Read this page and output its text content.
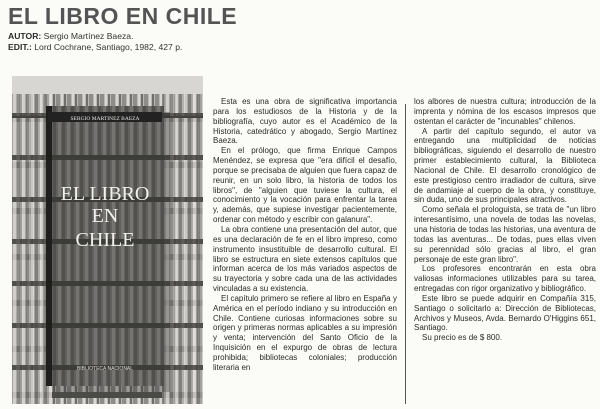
EL LIBRO EN CHILE
AUTOR: Sergio Martínez Baeza.
EDIT.: Lord Cochrane, Santiago, 1982, 427 p.
SERGIO MARTINEZ BAEZA
EL LIBRO
EN
CHILE
BIBLIOTECA NACIONAL

Esta es una obra de significativa importancia para los estudiosos de la Historia y de la bibliografía, cuyo autor es el Académico de la Historia, catedrático y abogado, Sergio Martínez Baeza.

En el prólogo, que firma Enrique Campos Menéndez, se expresa que "era difícil el desafío, porque se precisaba de alguien que fuera capaz de reunir, en un solo libro, la historia de todos los libros", de "alguien que tuviese la cultura, el conocimiento y la vocación para enfrentar la tarea y, además, que supiese investigar pacientemente, ordenar con método y escribir con galanura".

La obra contiene una presentación del autor, que es una declaración de fe en el libro impreso, como instrumento insustituible de desarrollo cultural. El libro se estructura en siete extensos capítulos que informan acerca de los más variados aspectos de su trayectoria y sobre cada una de las actividades vinculadas a su existencia.

El capítulo primero se refiere al libro en España y América en el período indiano y su introducción en Chile. Contiene curiosas informaciones sobre su origen y primeras normas aplicables a su impresión y venta; intervención del Santo Oficio de la Inquisición en el expurgo de obras de lectura prohibida; bibliotecas coloniales; producción literaria en

los albores de nuestra cultura; introducción de la imprenta y nómina de los escasos impresos que ostentan el carácter de "incunables" chilenos.

A partir del capítulo segundo, el autor va entregando una multiplicidad de noticias bibliográficas, siguiendo el desarrollo de nuestro primer establecimiento cultural, la Biblioteca Nacional de Chile. El desarrollo cronológico de este prestigioso centro irradiador de cultura, sirve de andamiaje al cuerpo de la obra, y constituye, sin duda, uno de sus principales atractivos.

Como señala el prologuista, se trata de "un libro interesantísimo, una novela de todas las novelas, una historia de todas las historias, una aventura de todas las aventuras... De todas, pues ellas viven su perennidad sólo gracias al libro, el gran personaje de este gran libro".

Los profesores encontrarán en esta obra valiosas informaciones utilizables para su tarea, entregadas con rigor organizativo y bibliográfico.

Este libro se puede adquirir en Compañía 315, Santiago o solicitarlo a: Dirección de Bibliotecas, Archivos y Museos, Avda. Bernardo O'Higgins 651, Santiago.

Su precio es de $ 800.
